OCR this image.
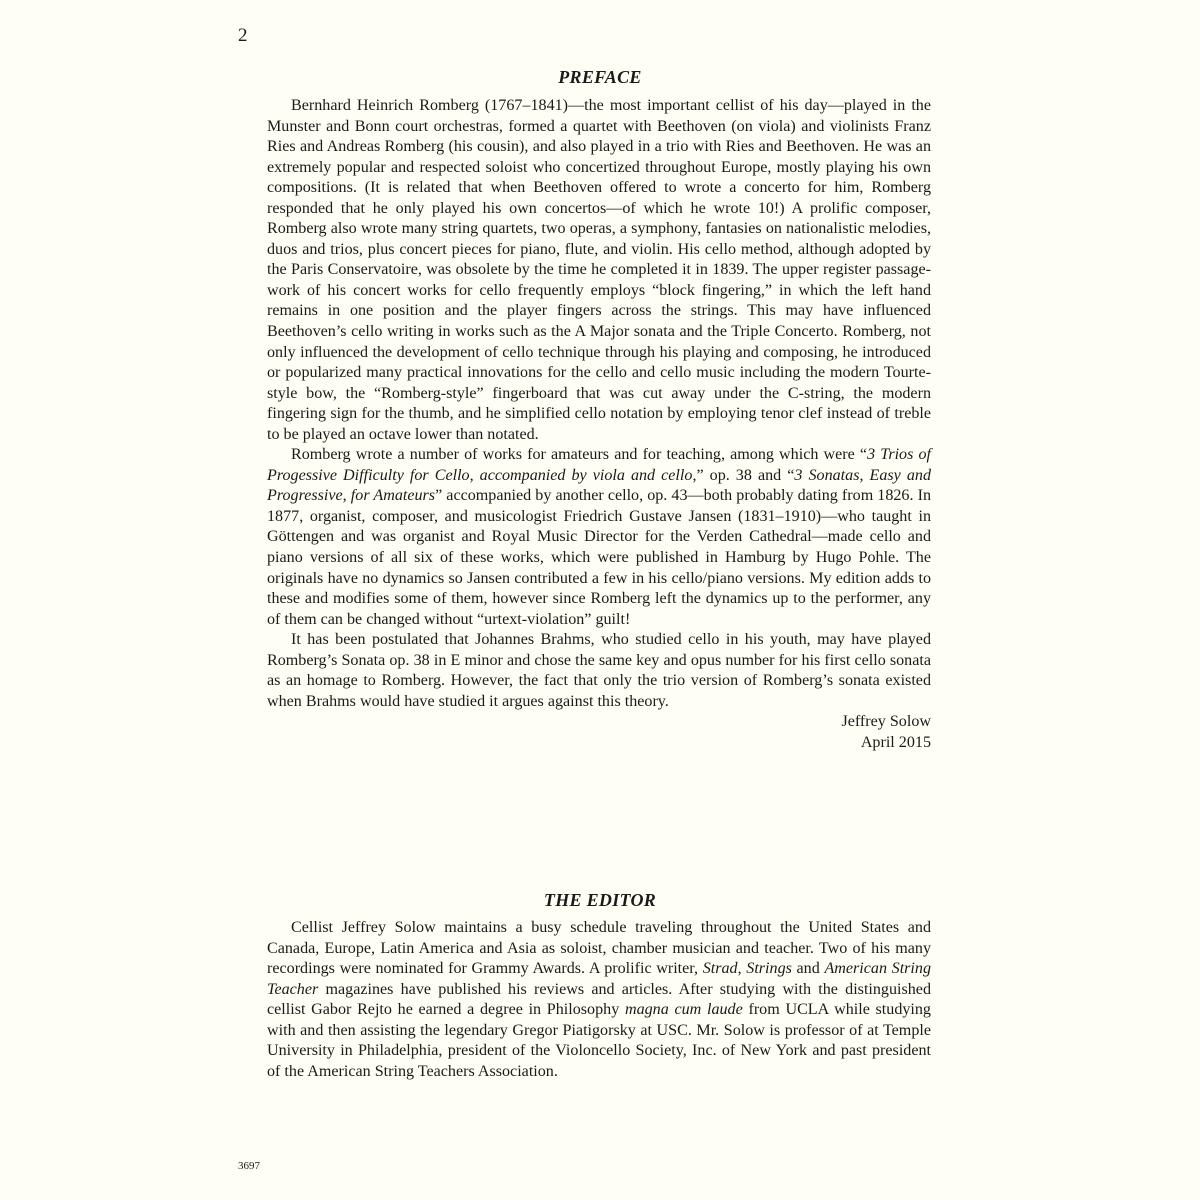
2
PREFACE

Bernhard Heinrich Romberg (1767–1841)—the most important cellist of his day—played in the Munster and Bonn court orchestras, formed a quartet with Beethoven (on viola) and violinists Franz Ries and Andreas Romberg (his cousin), and also played in a trio with Ries and Beethoven. He was an extremely popular and respected soloist who concertized throughout Europe, mostly playing his own compositions. (It is related that when Beethoven offered to wrote a concerto for him, Romberg responded that he only played his own concertos—of which he wrote 10!) A prolific composer, Romberg also wrote many string quartets, two operas, a symphony, fantasies on nationalistic melodies, duos and trios, plus concert pieces for piano, flute, and violin. His cello method, although adopted by the Paris Conservatoire, was obsolete by the time he completed it in 1839. The upper register passage-work of his concert works for cello frequently employs “block fingering,” in which the left hand remains in one position and the player fingers across the strings. This may have influenced Beethoven’s cello writing in works such as the A Major sonata and the Triple Concerto. Romberg, not only influenced the development of cello technique through his playing and composing, he introduced or popularized many practical innovations for the cello and cello music including the modern Tourte-style bow, the “Romberg-style” fingerboard that was cut away under the C-string, the modern fingering sign for the thumb, and he simplified cello notation by employing tenor clef instead of treble to be played an octave lower than notated.

Romberg wrote a number of works for amateurs and for teaching, among which were “3 Trios of Progessive Difficulty for Cello, accompanied by viola and cello,” op. 38 and “3 Sonatas, Easy and Progressive, for Amateurs” accompanied by another cello, op. 43—both probably dating from 1826. In 1877, organist, composer, and musicologist Friedrich Gustave Jansen (1831–1910)—who taught in Göttengen and was organist and Royal Music Director for the Verden Cathedral—made cello and piano versions of all six of these works, which were published in Hamburg by Hugo Pohle. The originals have no dynamics so Jansen contributed a few in his cello/piano versions. My edition adds to these and modifies some of them, however since Romberg left the dynamics up to the performer, any of them can be changed without “urtext-violation” guilt!

It has been postulated that Johannes Brahms, who studied cello in his youth, may have played Romberg’s Sonata op. 38 in E minor and chose the same key and opus number for his first cello sonata as an homage to Romberg. However, the fact that only the trio version of Romberg’s sonata existed when Brahms would have studied it argues against this theory.

Jeffrey Solow
April 2015
THE EDITOR

Cellist Jeffrey Solow maintains a busy schedule traveling throughout the United States and Canada, Europe, Latin America and Asia as soloist, chamber musician and teacher. Two of his many recordings were nominated for Grammy Awards. A prolific writer, Strad, Strings and American String Teacher magazines have published his reviews and articles. After studying with the distinguished cellist Gabor Rejto he earned a degree in Philosophy magna cum laude from UCLA while studying with and then assisting the legendary Gregor Piatigorsky at USC. Mr. Solow is professor of at Temple University in Philadelphia, president of the Violoncello Society, Inc. of New York and past president of the American String Teachers Association.

3697
